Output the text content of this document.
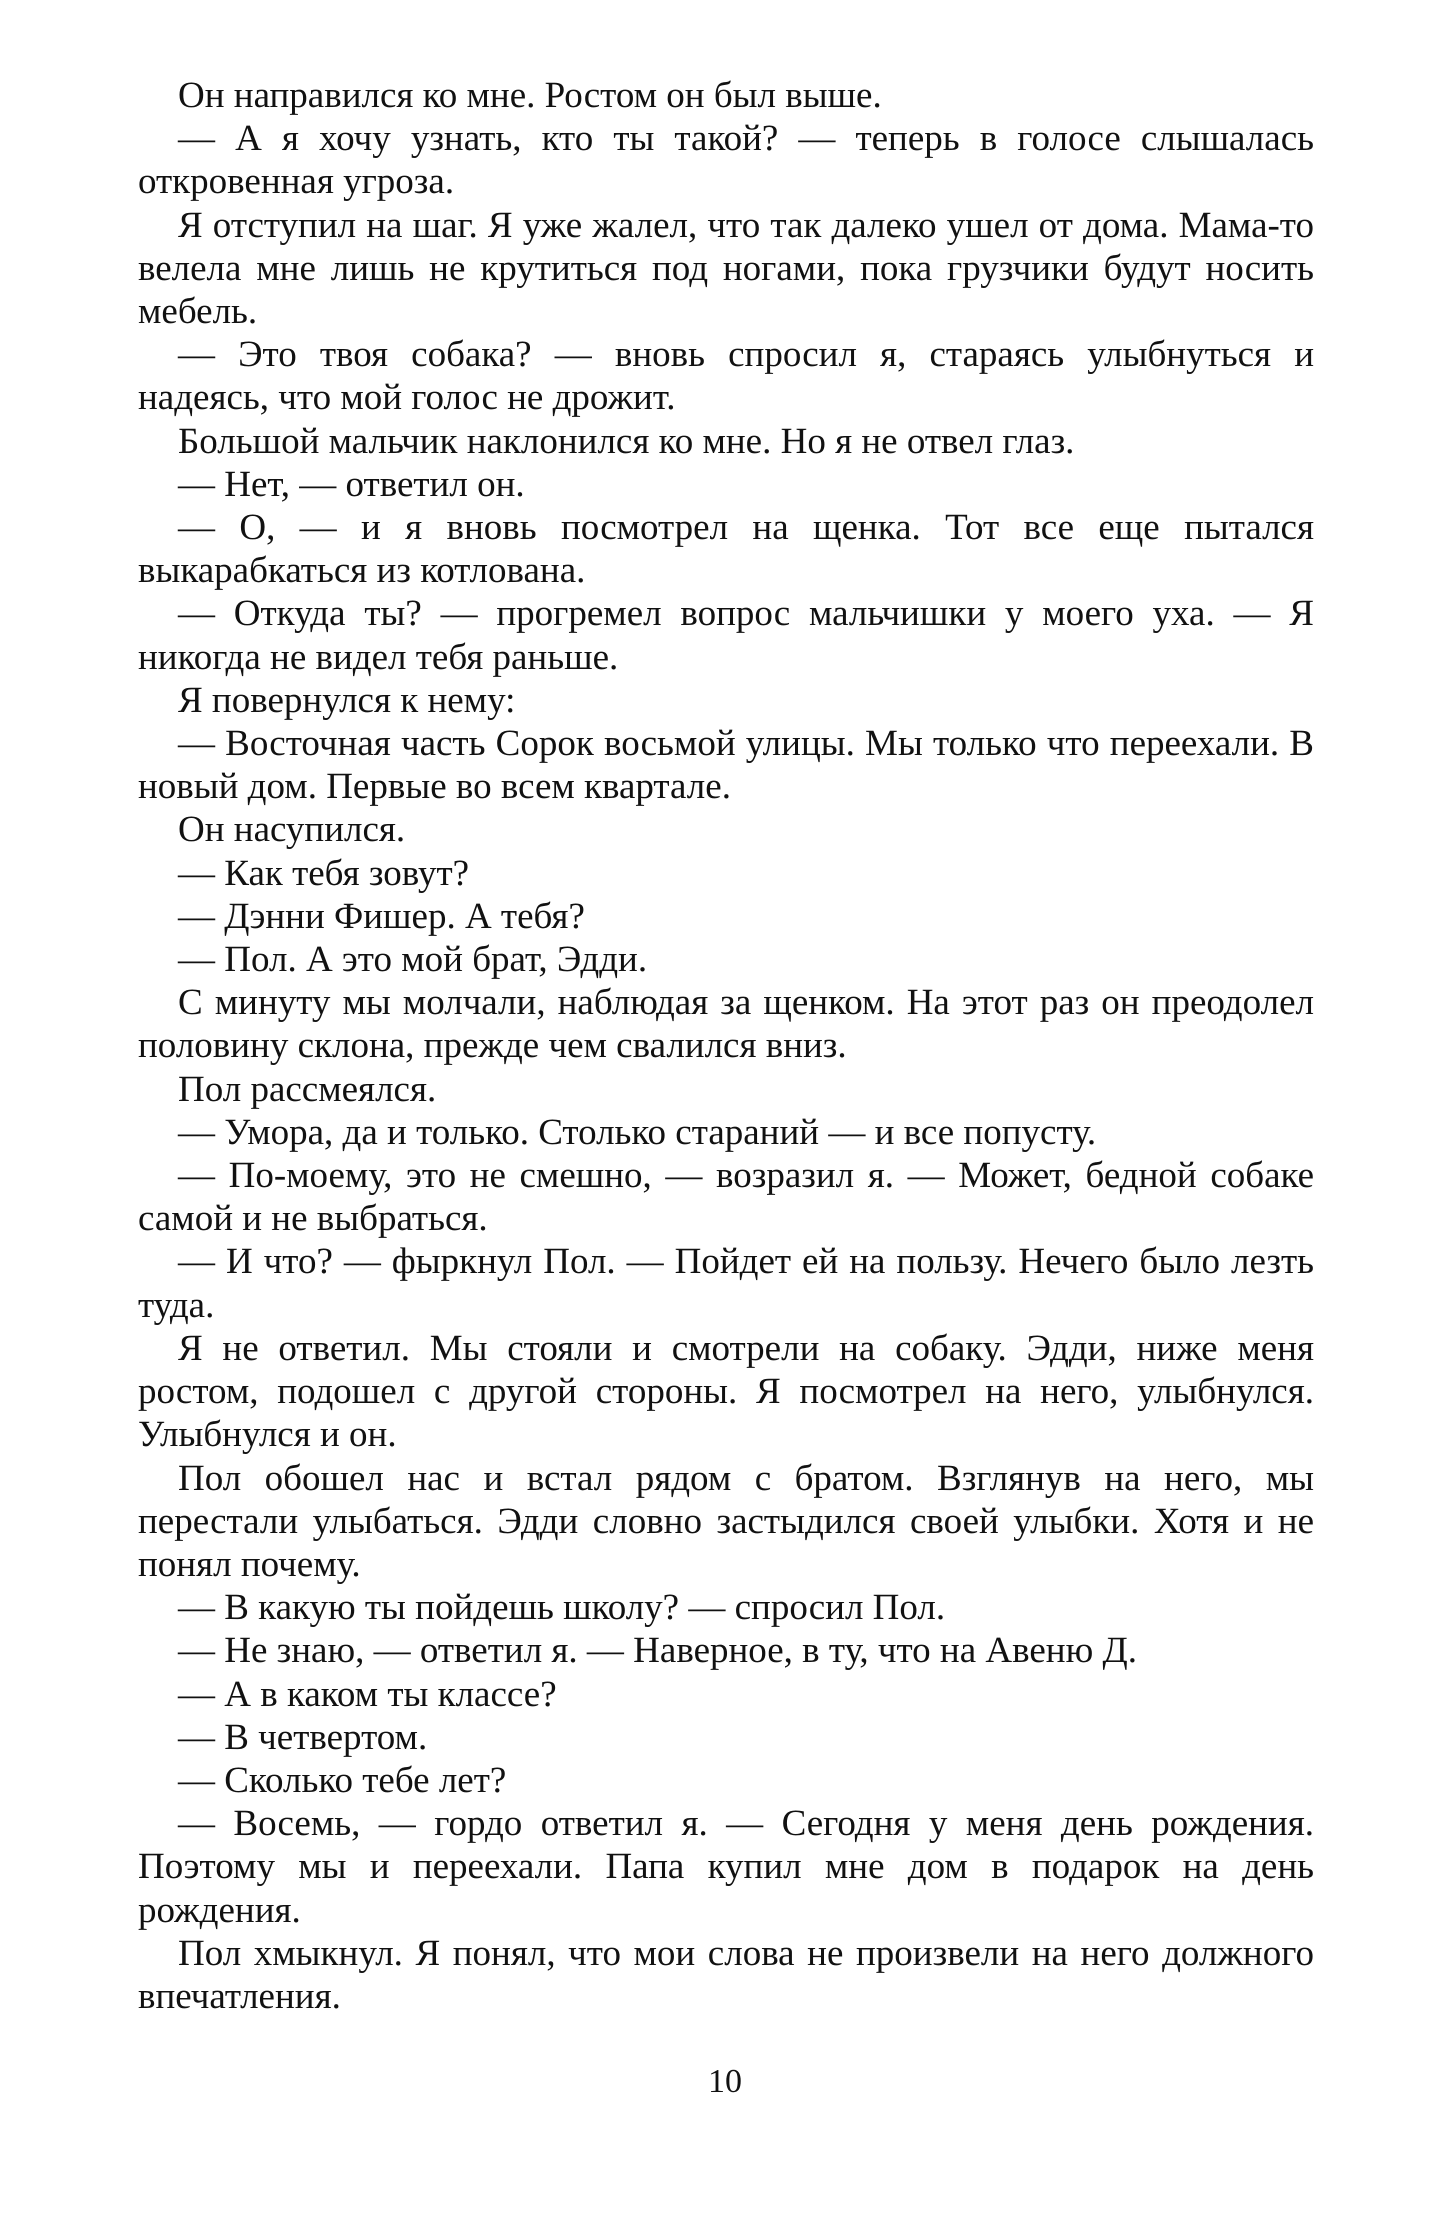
Он направился ко мне. Ростом он был выше.

— А я хочу узнать, кто ты такой? — теперь в голосе слышалась откровенная угроза.

Я отступил на шаг. Я уже жалел, что так далеко ушел от дома. Мама-то велела мне лишь не крутиться под ногами, пока грузчики будут носить мебель.

— Это твоя собака? — вновь спросил я, стараясь улыбнуться и надеясь, что мой голос не дрожит.

Большой мальчик наклонился ко мне. Но я не отвел глаз.

— Нет, — ответил он.

— О, — и я вновь посмотрел на щенка. Тот все еще пытался выкарабкаться из котлована.

— Откуда ты? — прогремел вопрос мальчишки у моего уха. — Я никогда не видел тебя раньше.

Я повернулся к нему:

— Восточная часть Сорок восьмой улицы. Мы только что переехали. В новый дом. Первые во всем квартале.

Он насупился.

— Как тебя зовут?

— Дэнни Фишер. А тебя?

— Пол. А это мой брат, Эдди.

С минуту мы молчали, наблюдая за щенком. На этот раз он преодолел половину склона, прежде чем свалился вниз.

Пол рассмеялся.

— Умора, да и только. Столько стараний — и все попусту.

— По-моему, это не смешно, — возразил я. — Может, бедной собаке самой и не выбраться.

— И что? — фыркнул Пол. — Пойдет ей на пользу. Нечего было лезть туда.

Я не ответил. Мы стояли и смотрели на собаку. Эдди, ниже меня ростом, подошел с другой стороны. Я посмотрел на него, улыбнулся. Улыбнулся и он.

Пол обошел нас и встал рядом с братом. Взглянув на него, мы перестали улыбаться. Эдди словно застыдился своей улыбки. Хотя и не понял почему.

— В какую ты пойдешь школу? — спросил Пол.

— Не знаю, — ответил я. — Наверное, в ту, что на Авеню Д.

— А в каком ты классе?

— В четвертом.

— Сколько тебе лет?

— Восемь, — гордо ответил я. — Сегодня у меня день рождения. Поэтому мы и переехали. Папа купил мне дом в подарок на день рождения.

Пол хмыкнул. Я понял, что мои слова не произвели на него должного впечатления.

10
